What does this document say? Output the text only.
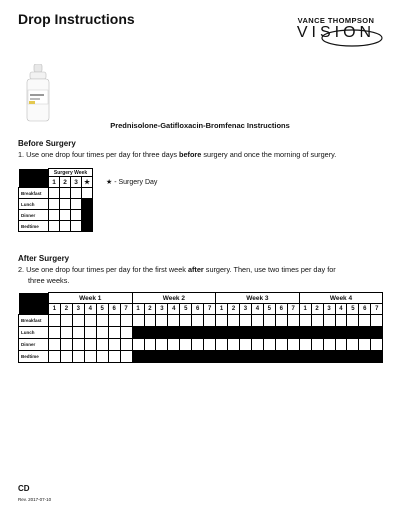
Drop Instructions	VANCE THOMPSON
VISION
Prednisolone-Gatifloxacin-Bromfenac Instructions
Before Surgery
1. Use one drop four times per day for three days before surgery and once the morning of surgery.
	Surgery Week			
	1	2	3	★
Breakfast				
Lunch				
Dinner				
Bedtime				
★ - Surgery Day
After Surgery
2. Use one drop four times per day for the first week after surgery. Then, use two times per day for
three weeks.
	Week 1							Week 2							Week 3							Week 4						
	1	2	3	4	5	6	7	1	2	3	4	5	6	7	1	2	3	4	5	6	7	1	2	3	4	5	6	7
Breakfast																												
Lunch																												
Dinner																												
Bedtime																												
CD
Rev. 2017-07-10
